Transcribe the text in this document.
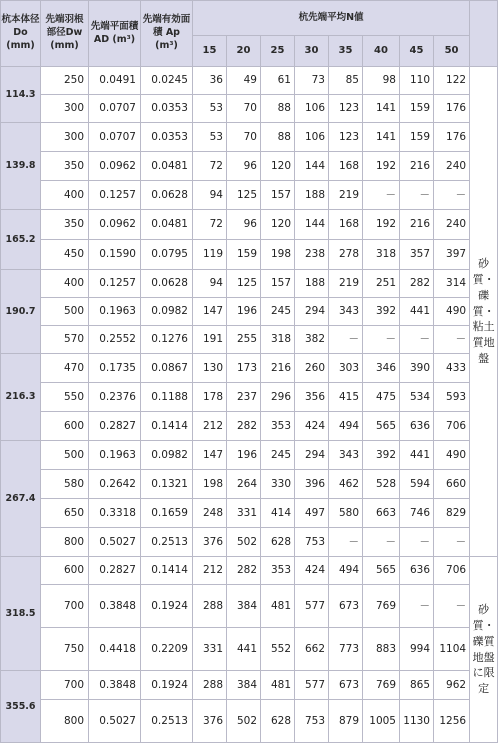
杭本体径 Do (mm)	先端羽根部径Dw (mm)	先端平面積 AD (m³)	先端有効面積 Ap (m³)	杭先端平均N値								
				15	20	25	30	35	40	45	50	
114.3	250	0.0491	0.0245	36	49	61	73	85	98	110	122	砂質・礫質・粘土質地盤
	300	0.0707	0.0353	53	70	88	106	123	141	159	176	
139.8	300	0.0707	0.0353	53	70	88	106	123	141	159	176	
	350	0.0962	0.0481	72	96	120	144	168	192	216	240	
	400	0.1257	0.0628	94	125	157	188	219	－	－	－	
165.2	350	0.0962	0.0481	72	96	120	144	168	192	216	240	
	450	0.1590	0.0795	119	159	198	238	278	318	357	397	
190.7	400	0.1257	0.0628	94	125	157	188	219	251	282	314	
	500	0.1963	0.0982	147	196	245	294	343	392	441	490	
	570	0.2552	0.1276	191	255	318	382	－	－	－	－	
216.3	470	0.1735	0.0867	130	173	216	260	303	346	390	433	
	550	0.2376	0.1188	178	237	296	356	415	475	534	593	
	600	0.2827	0.1414	212	282	353	424	494	565	636	706	
267.4	500	0.1963	0.0982	147	196	245	294	343	392	441	490	
	580	0.2642	0.1321	198	264	330	396	462	528	594	660	
	650	0.3318	0.1659	248	331	414	497	580	663	746	829	
	800	0.5027	0.2513	376	502	628	753	－	－	－	－	
318.5	600	0.2827	0.1414	212	282	353	424	494	565	636	706	砂質・礫質地盤に限定
	700	0.3848	0.1924	288	384	481	577	673	769	－	－	
	750	0.4418	0.2209	331	441	552	662	773	883	994	1104	
355.6	700	0.3848	0.1924	288	384	481	577	673	769	865	962	
	800	0.5027	0.2513	376	502	628	753	879	1005	1130	1256	
